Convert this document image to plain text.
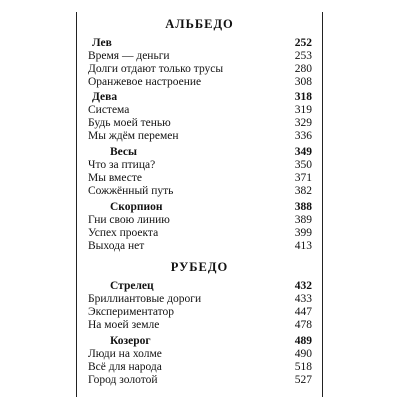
АЛЬБЕДО
Лев	252
Время — деньги	253
Долги отдают только трусы	280
Оранжевое настроение	308
Дева	318
Система	319
Будь моей тенью	329
Мы ждём перемен	336
Весы	349
Что за птица?	350
Мы вместе	371
Сожжённый путь	382
Скорпион	388
Гни свою линию	389
Успех проекта	399
Выхода нет	413
РУБЕДО
Стрелец	432
Бриллиантовые дороги	433
Экспериментатор	447
На моей земле	478
Козерог	489
Люди на холме	490
Всё для народа	518
Город золотой	527
